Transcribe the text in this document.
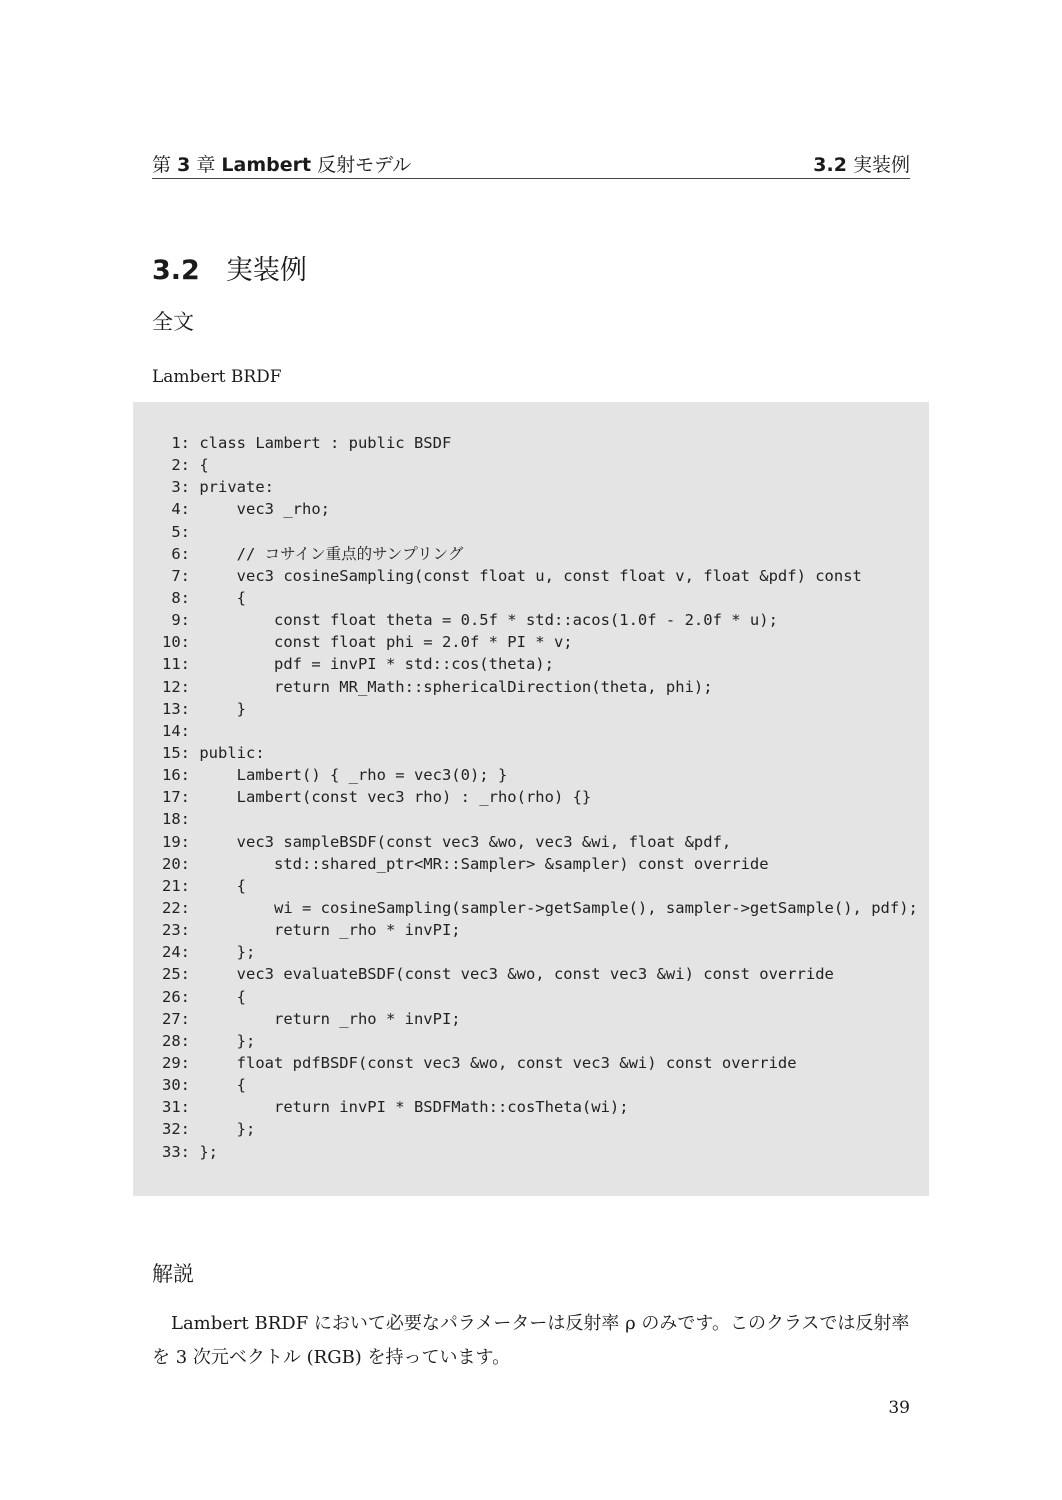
第 3 章 Lambert 反射モデル	3.2 実装例
3.2 実装例
全文
Lambert BRDF
1: class Lambert : public BSDF
2: {
3: private:
4:     vec3 _rho;
5:
6:     // コサイン重点的サンプリング
7:     vec3 cosineSampling(const float u, const float v, float &pdf) const
8:     {
9:         const float theta = 0.5f * std::acos(1.0f - 2.0f * u);
10:         const float phi = 2.0f * PI * v;
11:         pdf = invPI * std::cos(theta);
12:         return MR_Math::sphericalDirection(theta, phi);
13:     }
14:
15: public:
16:     Lambert() { _rho = vec3(0); }
17:     Lambert(const vec3 rho) : _rho(rho) {}
18:
19:     vec3 sampleBSDF(const vec3 &wo, vec3 &wi, float &pdf,
20:         std::shared_ptr<MR::Sampler> &sampler) const override
21:     {
22:         wi = cosineSampling(sampler->getSample(), sampler->getSample(), pdf);
23:         return _rho * invPI;
24:     };
25:     vec3 evaluateBSDF(const vec3 &wo, const vec3 &wi) const override
26:     {
27:         return _rho * invPI;
28:     };
29:     float pdfBSDF(const vec3 &wo, const vec3 &wi) const override
30:     {
31:         return invPI * BSDFMath::cosTheta(wi);
32:     };
33: };
解説
Lambert BRDF において必要なパラメーターは反射率 ρ のみです。このクラスでは反射率を 3 次元ベクトル (RGB) を持っています。
39
